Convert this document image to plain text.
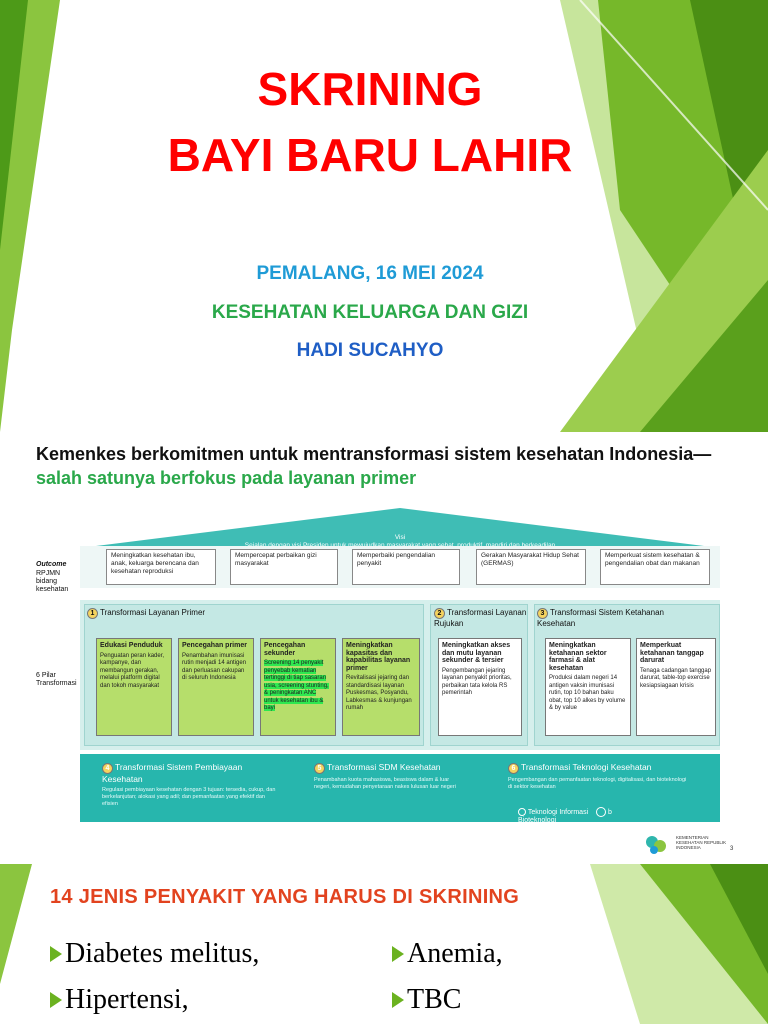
SKRINING
BAYI BARU LAHIR
PEMALANG, 16 MEI 2024
KESEHATAN KELUARGA DAN GIZI
HADI SUCAHYO
Kemenkes berkomitmen untuk mentransformasi sistem kesehatan Indonesia—salah satunya berfokus pada layanan primer
Visi
Outcome
RPJMN bidang kesehatan
Meningkatkan kesehatan ibu, anak, keluarga berencana dan kesehatan reproduksi
Mempercepat perbaikan gizi masyarakat
Memperbaiki pengendalian penyakit
Gerakan Masyarakat Hidup Sehat (GERMAS)
Memperkuat sistem kesehatan & pengendalian obat dan makanan
6 Pilar Transformasi
1 Transformasi Layanan Primer
Edukasi Penduduk
Penguatan peran kader, kampanye, dan membangun gerakan, melalui platform digital dan tokoh masyarakat
Pencegahan primer
Penambahan imunisasi rutin menjadi 14 antigen dan perluasan cakupan di seluruh Indonesia
Pencegahan sekunder
Screening 14 penyakit penyebab kematian tertinggi di tiap sasaran usia, screening stunting, & peningkatan ANC untuk kesehatan ibu & bayi
Meningkatkan kapasitas dan kapabilitas layanan primer
Revitalisasi jejaring dan standardisasi layanan Puskesmas, Posyandu, Labkesmas & kunjungan rumah
2 Transformasi Layanan Rujukan
Meningkatkan akses dan mutu layanan sekunder & tersier
Pengembangan jejaring layanan penyakit prioritas, perbaikan tata kelola RS pemerintah
3 Transformasi Sistem Ketahanan Kesehatan
Meningkatkan ketahanan sektor farmasi & alat kesehatan
Produksi dalam negeri 14 antigen vaksin imunisasi rutin, top 10 bahan baku obat, top 10 alkes by volume & by value
Memperkuat ketahanan tanggap darurat
Tenaga cadangan tanggap darurat, table-top exercise kesiapsiagaan krisis
4 Transformasi Sistem Pembiayaan Kesehatan
Regulasi pembiayaan kesehatan dengan 3 tujuan: tersedia, cukup, dan berkelanjutan; alokasi yang adil; dan pemanfaatan yang efektif dan efisien
5 Transformasi SDM Kesehatan
Penambahan kuota mahasiswa, beasiswa dalam & luar negeri, kemudahan penyetaraan nakes lulusan luar negeri
6 Transformasi Teknologi Kesehatan
Pengembangan dan pemanfaatan teknologi, digitalisasi, dan bioteknologi di sektor kesehatan
Teknologi Informasi	b
Bioteknologi
KEMENTERIAN KESEHATAN REPUBLIK INDONESIA	3
14 JENIS PENYAKIT YANG HARUS DI SKRINING
Diabetes melitus,
Hipertensi,
Anemia,
TBC
